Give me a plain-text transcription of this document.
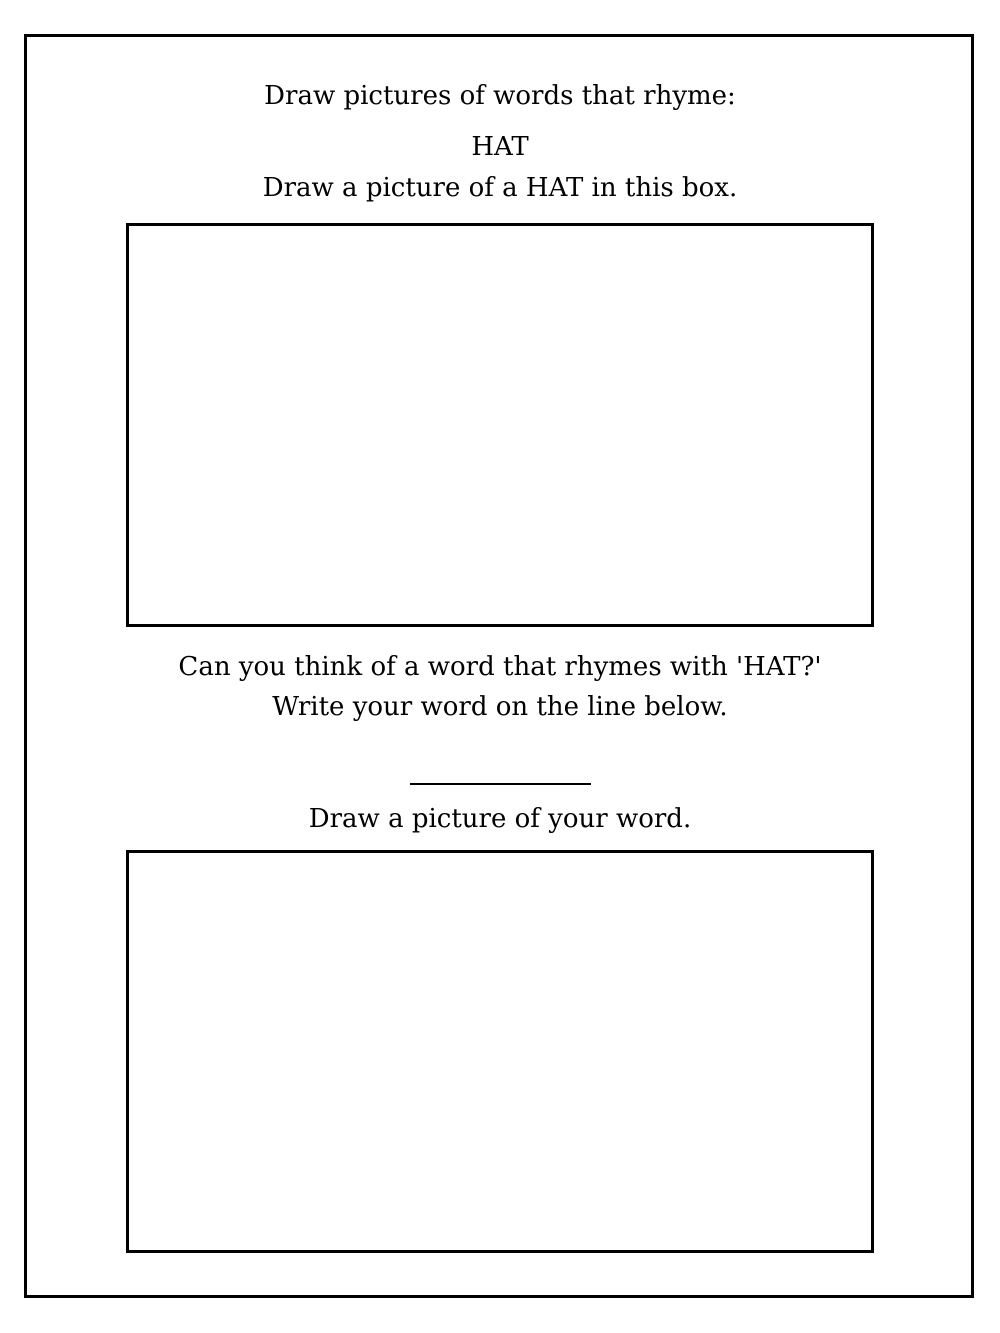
Draw pictures of words that rhyme:
HAT
Draw a picture of a HAT in this box.
Can you think of a word that rhymes with 'HAT?'
Write your word on the line below.
Draw a picture of your word.
